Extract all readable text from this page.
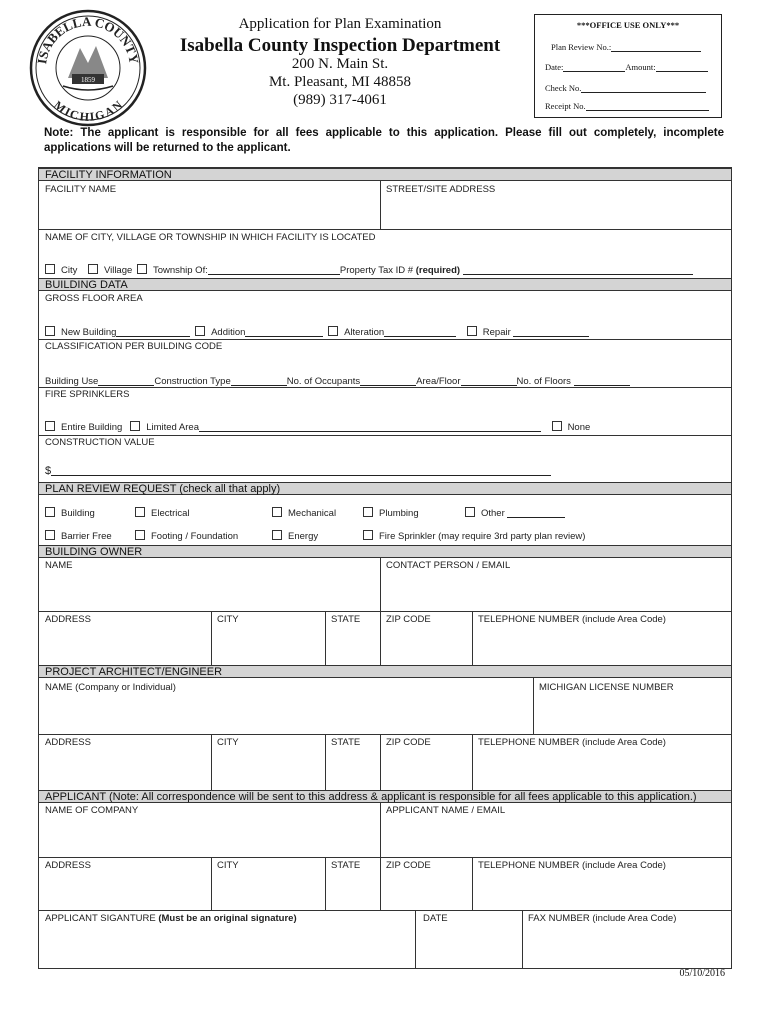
ISABELLA COUNTY
MICHIGAN
1859
Application for Plan Examination
Isabella County Inspection Department
200 N. Main St.
Mt. Pleasant, MI 48858
(989) 317-4061
***OFFICE USE ONLY***
Plan Review No.:
Date:	Amount:
Check No.
Receipt No.
Note: The applicant is responsible for all fees applicable to this application. Please fill out completely, incomplete applications will be returned to the applicant.
FACILITY INFORMATION
FACILITY NAME	STREET/SITE ADDRESS
NAME OF CITY, VILLAGE OR TOWNSHIP IN WHICH FACILITY IS LOCATED
City	Village Township Of:	Property Tax ID # (required)
BUILDING DATA
GROSS FLOOR AREA
New Building	Addition	Alteration	Repair
CLASSIFICATION PER BUILDING CODE
Building Use	Construction Type	No. of Occupants	Area/Floor	No. of Floors
FIRE SPRINKLERS
Entire Building	Limited Area	None
CONSTRUCTION VALUE
$
PLAN REVIEW REQUEST (check all that apply)
Building	Electrical	Mechanical	Plumbing	Other
Barrier Free	Footing / Foundation	Energy	Fire Sprinkler (may require 3rd party plan review)
BUILDING OWNER
NAME	CONTACT PERSON / EMAIL
ADDRESS	CITY	STATE	ZIP CODE	TELEPHONE NUMBER (include Area Code)
PROJECT ARCHITECT/ENGINEER
NAME (Company or Individual)	MICHIGAN LICENSE NUMBER
ADDRESS	CITY	STATE	ZIP CODE	TELEPHONE NUMBER (include Area Code)
APPLICANT (Note: All correspondence will be sent to this address & applicant is responsible for all fees applicable to this application.)
NAME OF COMPANY	APPLICANT NAME / EMAIL
ADDRESS	CITY	STATE	ZIP CODE	TELEPHONE NUMBER (include Area Code)
APPLICANT SIGANTURE (Must be an original signature)	DATE	FAX NUMBER (include Area Code)
05/10/2016
